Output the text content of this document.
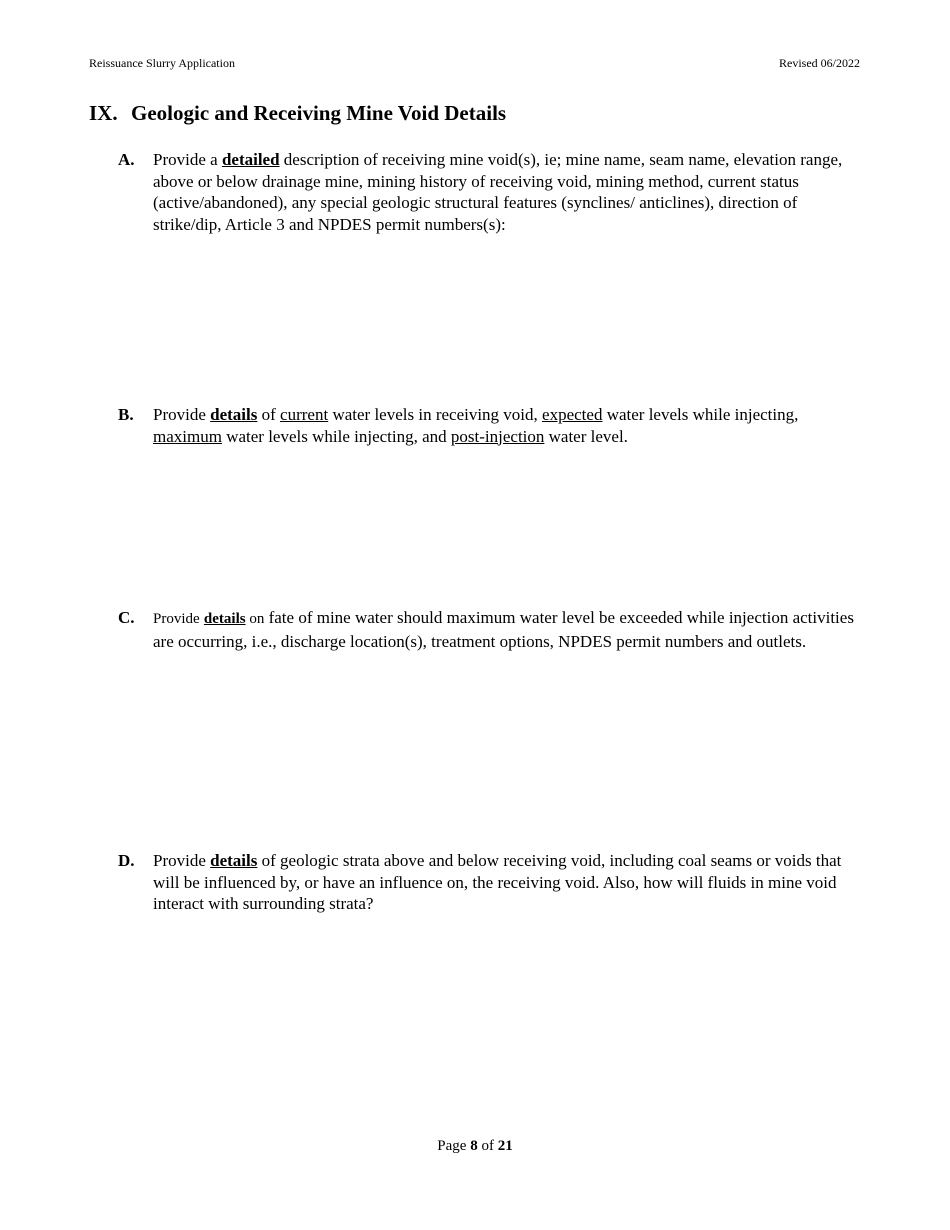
Reissuance Slurry Application	Revised 06/2022
IX. Geologic and Receiving Mine Void Details
A. Provide a detailed description of receiving mine void(s), ie; mine name, seam name, elevation range, above or below drainage mine, mining history of receiving void, mining method, current status (active/abandoned), any special geologic structural features (synclines/ anticlines), direction of strike/dip, Article 3 and NPDES permit numbers(s):
B. Provide details of current water levels in receiving void, expected water levels while injecting, maximum water levels while injecting, and post-injection water level.
C. Provide details on fate of mine water should maximum water level be exceeded while injection activities are occurring, i.e., discharge location(s), treatment options, NPDES permit numbers and outlets.
D. Provide details of geologic strata above and below receiving void, including coal seams or voids that will be influenced by, or have an influence on, the receiving void. Also, how will fluids in mine void interact with surrounding strata?
Page 8 of 21
